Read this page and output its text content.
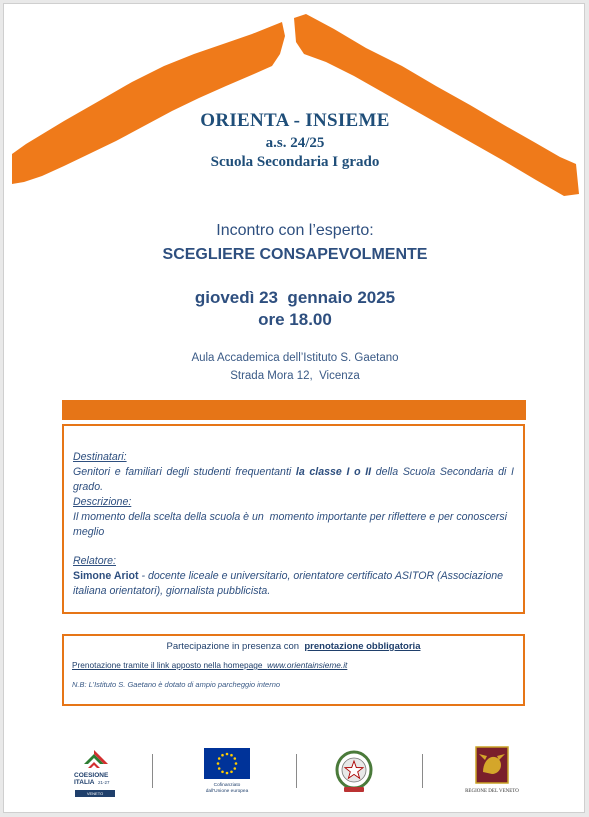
ORIENTA - INSIEME
a.s. 24/25
Scuola Secondaria I grado
Incontro con l’esperto:
SCEGLIERE CONSAPEVOLMENTE
giovedì 23  gennaio 2025
ore 18.00
Aula Accademica dell’Istituto S. Gaetano
Strada Mora 12,  Vicenza
Destinatari:
Genitori e familiari degli studenti frequentanti la classe I o II della Scuola Secondaria di I grado.
Descrizione:
Il momento della scelta della scuola è un  momento importante per riflettere e per conoscersi meglio
Relatore:
Simone Ariot - docente liceale e universitario, orientatore certificato ASITOR (Associazione italiana orientatori), giornalista pubblicista.
Partecipazione in presenza con  prenotazione obbligatoria
Prenotazione tramite il link apposto nella homepage  www.orientainsieme.it
N.B: L’Istituto S. Gaetano è dotato di ampio parcheggio interno
COESIONE
ITALIA 21-27
VENETO
Cofinanziato
dall'Unione europea	REGIONE DEL VENETO
